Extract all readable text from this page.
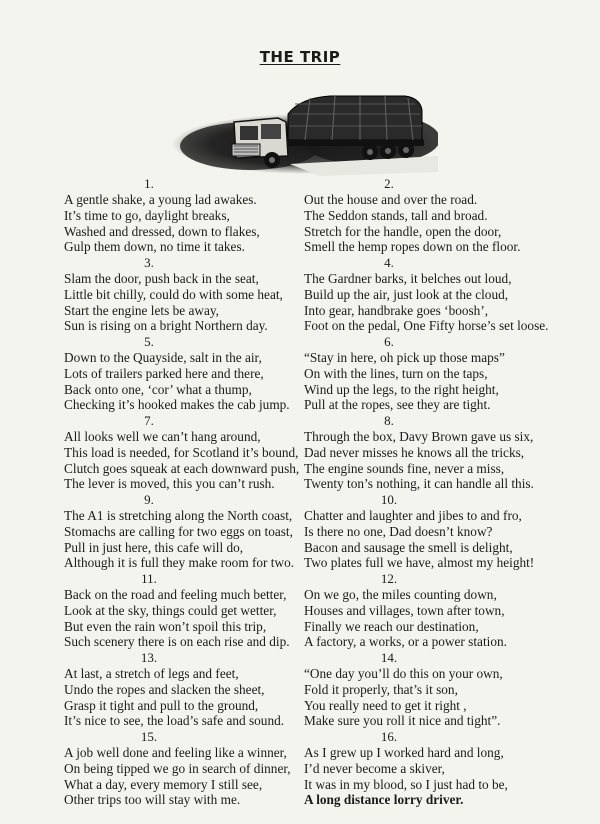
THE TRIP
1.
A gentle shake, a young lad awakes.
It’s time to go, daylight breaks,
Washed and dressed, down to flakes,
Gulp them down, no time it takes.
3.
Slam the door, push back in the seat,
Little bit chilly, could do with some heat,
Start the engine lets be away,
Sun is rising on a bright Northern day.
5.
Down to the Quayside, salt in the air,
Lots of trailers parked here and there,
Back onto one, ‘cor’ what a thump,
Checking it’s hooked makes the cab jump.
7.
All looks well we can’t hang around,
This load is needed, for Scotland it’s bound,
Clutch goes squeak at each downward push,
The lever is moved, this you can’t rush.
9.
The A1 is stretching along the North coast,
Stomachs are calling for two eggs on toast,
Pull in just here, this cafe will do,
Although it is full they make room for two.
11.
Back on the road and feeling much better,
Look at the sky, things could get wetter,
But even the rain won’t spoil this trip,
Such scenery there is on each rise and dip.
13.
At last, a stretch of legs and feet,
Undo the ropes and slacken the sheet,
Grasp it tight and pull to the ground,
It’s nice to see, the load’s safe and sound.
15.
A job well done and feeling like a winner,
On being tipped we go in search of dinner,
What a day, every memory I still see,
Other trips too will stay with me.
2.
Out the house and over the road.
The Seddon stands, tall and broad.
Stretch for the handle, open the door,
Smell the hemp ropes down on the floor.
4.
The Gardner barks, it belches out loud,
Build up the air, just look at the cloud,
Into gear, handbrake goes ‘boosh’,
Foot on the pedal, One Fifty horse’s set loose.
6.
“Stay in here, oh pick up those maps”
On with the lines, turn on the taps,
Wind up the legs, to the right height,
Pull at the ropes, see they are tight.
8.
Through the box, Davy Brown gave us six,
Dad never misses he knows all the tricks,
The engine sounds fine, never a miss,
Twenty ton’s nothing, it can handle all this.
10.
Chatter and laughter and jibes to and fro,
Is there no one, Dad doesn’t know?
Bacon and sausage the smell is delight,
Two plates full we have, almost my height!
12.
On we go, the miles counting down,
Houses and villages, town after town,
Finally we reach our destination,
A factory, a works, or a power station.
14.
“One day you’ll do this on your own,
Fold it properly, that’s it son,
You really need to get it right ,
Make sure you roll it nice and tight”.
16.
As I grew up I worked hard and long,
I’d never become a skiver,
It was in my blood, so I just had to be,
A long distance lorry driver.
